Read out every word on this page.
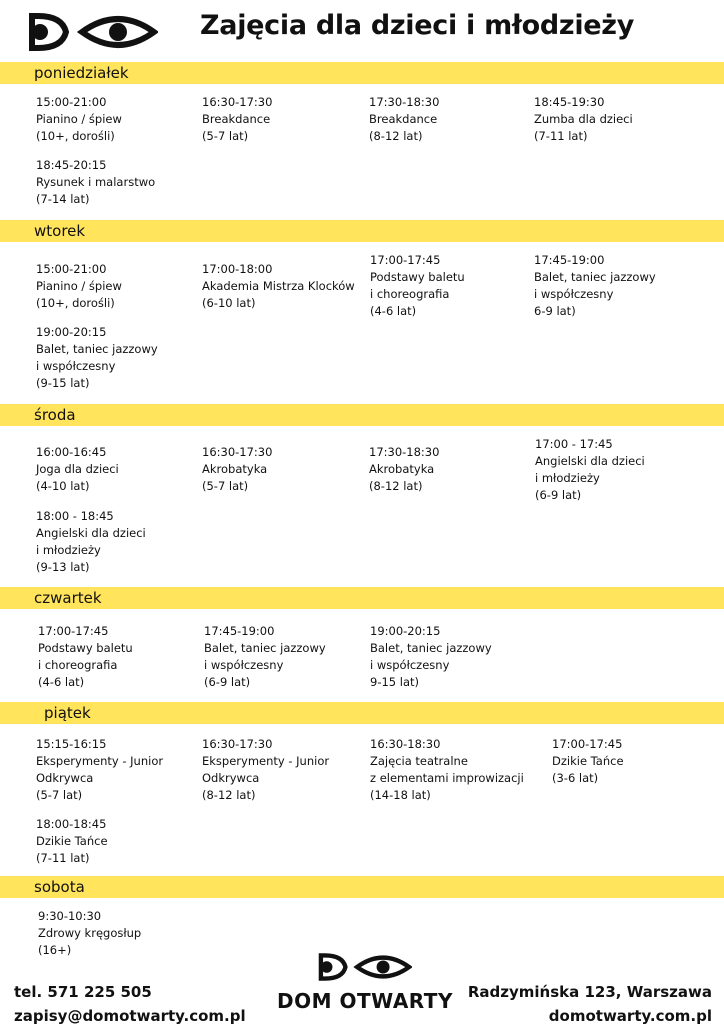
Zajęcia dla dzieci i młodzieży
poniedziałek
15:00-21:00
Pianino / śpiew
(10+, dorośli)
16:30-17:30
Breakdance
(5-7 lat)
17:30-18:30
Breakdance
(8-12 lat)
18:45-19:30
Zumba dla dzieci
(7-11 lat)
18:45-20:15
Rysunek i malarstwo
(7-14 lat)
wtorek
15:00-21:00
Pianino / śpiew
(10+, dorośli)
17:00-18:00
Akademia Mistrza Klocków
(6-10 lat)
17:00-17:45
Podstawy baletu
i choreografia
(4-6 lat)
17:45-19:00
Balet, taniec jazzowy
i współczesny
6-9 lat)
19:00-20:15
Balet, taniec jazzowy
i współczesny
(9-15 lat)
środa
16:00-16:45
Joga dla dzieci
(4-10 lat)
16:30-17:30
Akrobatyka
(5-7 lat)
17:30-18:30
Akrobatyka
(8-12 lat)
17:00 - 17:45
Angielski dla dzieci
i młodzieży
(6-9 lat)
18:00 - 18:45
Angielski dla dzieci
i młodzieży
(9-13 lat)
czwartek
17:00-17:45
Podstawy baletu
i choreografia
(4-6 lat)
17:45-19:00
Balet, taniec jazzowy
i współczesny
(6-9 lat)
19:00-20:15
Balet, taniec jazzowy
i współczesny
9-15 lat)
piątek
15:15-16:15
Eksperymenty - Junior
Odkrywca
(5-7 lat)
16:30-17:30
Eksperymenty - Junior
Odkrywca
(8-12 lat)
16:30-18:30
Zajęcia teatralne
z elementami improwizacji
(14-18 lat)
17:00-17:45
Dzikie Tańce
(3-6 lat)
18:00-18:45
Dzikie Tańce
(7-11 lat)
sobota
9:30-10:30
Zdrowy kręgosłup
(16+)
tel. 571 225 505
zapisy@domotwarty.com.pl
DOM OTWARTY Radzymińska 123, Warszawa
domotwarty.com.pl
